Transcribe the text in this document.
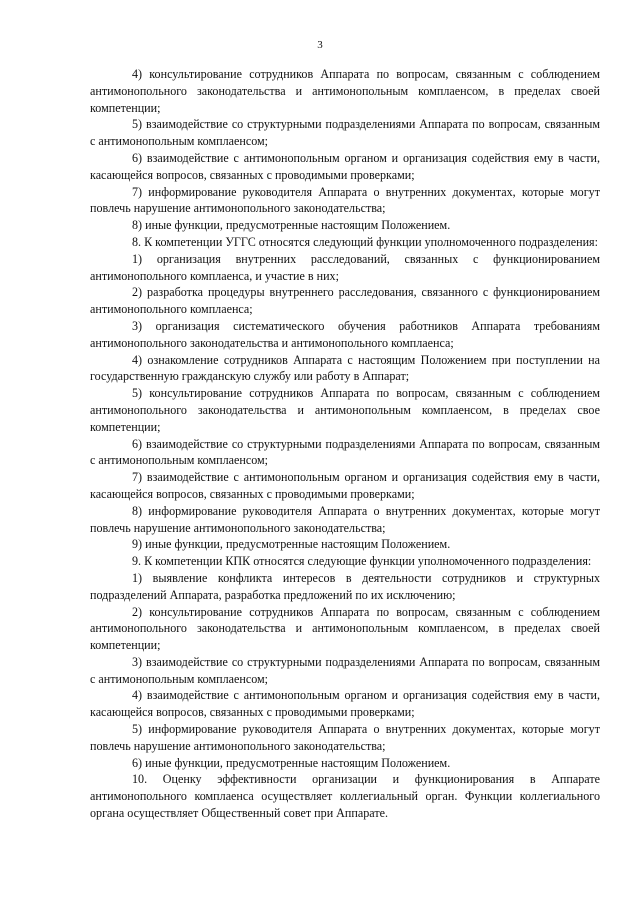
3

4) консультирование сотрудников Аппарата по вопросам, связанным с соблюдением антимонопольного законодательства и антимонопольным комплаенсом, в пределах своей компетенции;

5) взаимодействие со структурными подразделениями Аппарата по вопросам, связанным с антимонопольным комплаенсом;

6) взаимодействие с антимонопольным органом и организация содействия ему в части, касающейся вопросов, связанных с проводимыми проверками;

7) информирование руководителя Аппарата о внутренних документах, которые могут повлечь нарушение антимонопольного законодательства;

8) иные функции, предусмотренные настоящим Положением.

8. К компетенции УГГС относятся следующий функции уполномоченного подразделения:

1) организация внутренних расследований, связанных с функционированием антимонопольного комплаенса, и участие в них;

2) разработка процедуры внутреннего расследования, связанного с функционированием антимонопольного комплаенса;

3) организация систематического обучения работников Аппарата требованиям антимонопольного законодательства и антимонопольного комплаенса;

4) ознакомление сотрудников Аппарата с настоящим Положением при поступлении на государственную гражданскую службу или работу в Аппарат;

5) консультирование сотрудников Аппарата по вопросам, связанным с соблюдением антимонопольного законодательства и антимонопольным комплаенсом, в пределах свое компетенции;

6) взаимодействие со структурными подразделениями Аппарата по вопросам, связанным с антимонопольным комплаенсом;

7) взаимодействие с антимонопольным органом и организация содействия ему в части, касающейся вопросов, связанных с проводимыми проверками;

8) информирование руководителя Аппарата о внутренних документах, которые могут повлечь нарушение антимонопольного законодательства;

9) иные функции, предусмотренные настоящим Положением.

9. К компетенции КПК относятся следующие функции уполномоченного подразделения:

1) выявление конфликта интересов в деятельности сотрудников и структурных подразделений Аппарата, разработка предложений по их исключению;

2) консультирование сотрудников Аппарата по вопросам, связанным с соблюдением антимонопольного законодательства и антимонопольным комплаенсом, в пределах своей компетенции;

3) взаимодействие со структурными подразделениями Аппарата по вопросам, связанным с антимонопольным комплаенсом;

4) взаимодействие с антимонопольным органом и организация содействия ему в части, касающейся вопросов, связанных с проводимыми проверками;

5) информирование руководителя Аппарата о внутренних документах, которые могут повлечь нарушение антимонопольного законодательства;

6) иные функции, предусмотренные настоящим Положением.

10. Оценку эффективности организации и функционирования в Аппарате антимонопольного комплаенса осуществляет коллегиальный орган. Функции коллегиального органа осуществляет Общественный совет при Аппарате.
